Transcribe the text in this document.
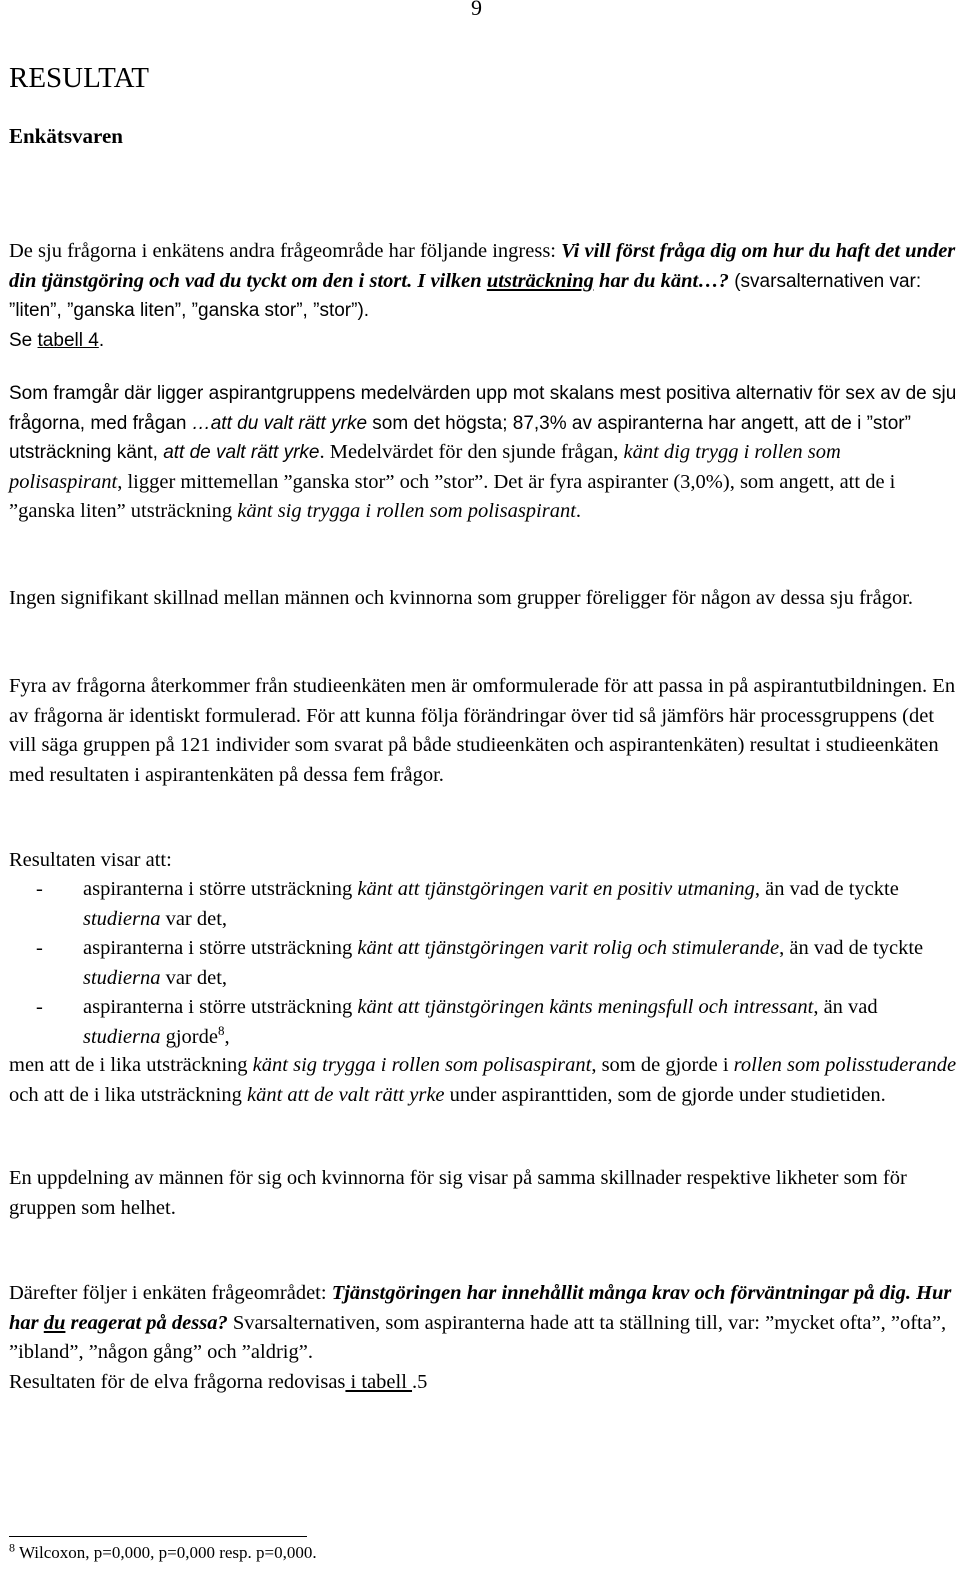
9
RESULTAT
Enkätsvaren

De sju frågorna i enkätens andra frågeområde har följande ingress: Vi vill först fråga dig om hur du haft det under din tjänstgöring och vad du tyckt om den i stort. I vilken utsträckning har du känt…? (svarsalternativen var: ”liten”, ”ganska liten”, ”ganska stor”, ”stor”).
Se tabell 4.

Som framgår där ligger aspirantgruppens medelvärden upp mot skalans mest positiva alternativ för sex av de sju frågorna, med frågan …att du valt rätt yrke som det högsta; 87,3% av aspiranterna har angett, att de i ”stor” utsträckning känt, att de valt rätt yrke. Medelvärdet för den sjunde frågan, känt dig trygg i rollen som polisaspirant, ligger mittemellan ”ganska stor” och ”stor”. Det är fyra aspiranter (3,0%), som angett, att de i ”ganska liten” utsträckning känt sig trygga i rollen som polisaspirant.

Ingen signifikant skillnad mellan männen och kvinnorna som grupper föreligger för någon av dessa sju frågor.

Fyra av frågorna återkommer från studieenkäten men är omformulerade för att passa in på aspirantutbildningen. En av frågorna är identiskt formulerad. För att kunna följa förändringar över tid så jämförs här processgruppens (det vill säga gruppen på 121 individer som svarat på både studieenkäten och aspirantenkäten) resultat i studieenkäten med resultaten i aspirantenkäten på dessa fem frågor.

Resultaten visar att:

- aspiranterna i större utsträckning känt att tjänstgöringen varit en positiv utmaning, än vad de tyckte studierna var det,
- aspiranterna i större utsträckning känt att tjänstgöringen varit rolig och stimulerande, än vad de tyckte studierna var det,
- aspiranterna i större utsträckning känt att tjänstgöringen känts meningsfull och intressant, än vad studierna gjorde$^8$,

men att de i lika utsträckning känt sig trygga i rollen som polisaspirant, som de gjorde i rollen som polisstuderande och att de i lika utsträckning känt att de valt rätt yrke under aspiranttiden, som de gjorde under studietiden.

En uppdelning av männen för sig och kvinnorna för sig visar på samma skillnader respektive likheter som för gruppen som helhet.

Därefter följer i enkäten frågeområdet: Tjänstgöringen har innehållit många krav och förväntningar på dig. Hur har du reagerat på dessa? Svarsalternativen, som aspiranterna hade att ta ställning till, var: ”mycket ofta”, ”ofta”, ”ibland”, ”någon gång” och ”aldrig”.
Resultaten för de elva frågorna redovisas i tabell .5

$^8$ Wilcoxon, p=0,000, p=0,000 resp. p=0,000.
